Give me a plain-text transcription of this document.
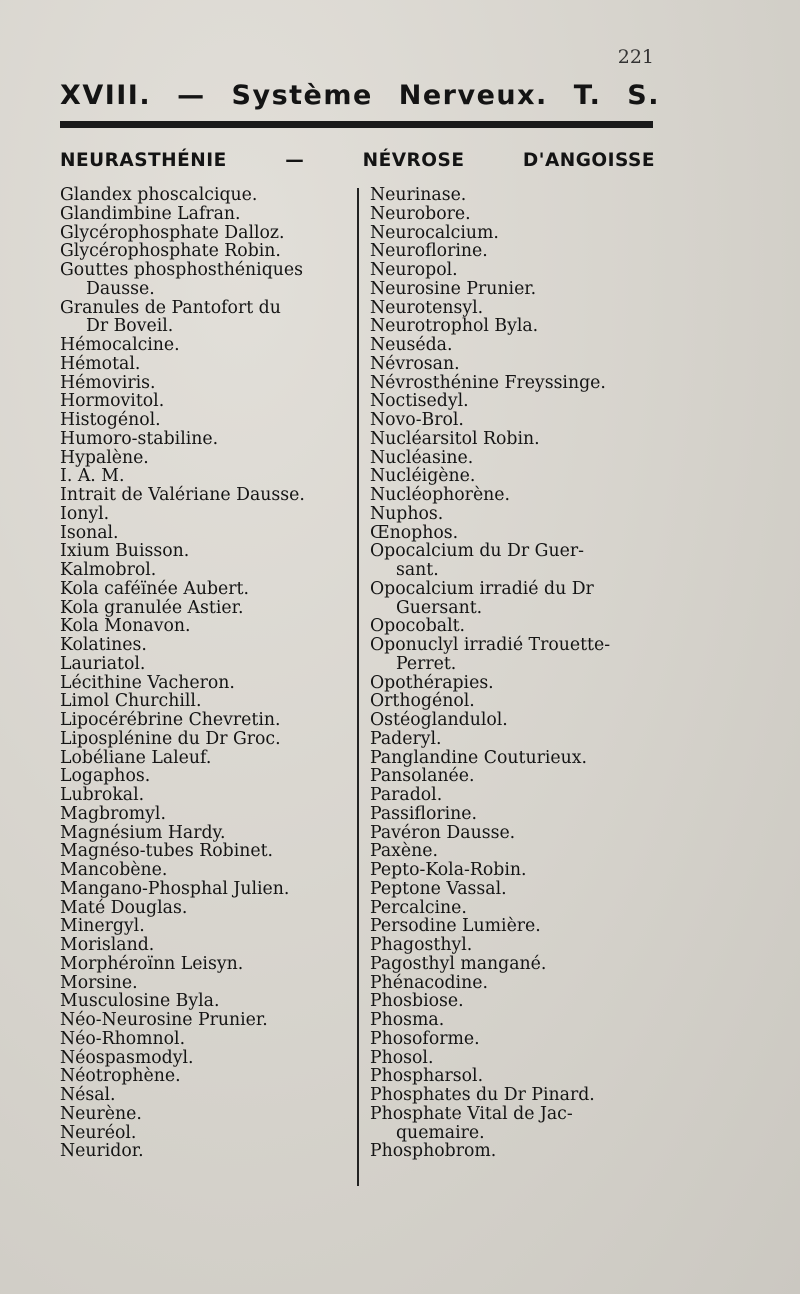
221
XVIII. — Système Nerveux. T. S.
NEURASTHÉNIE — NÉVROSE D'ANGOISSE
Glandex phoscalcique.
Glandimbine Lafran.
Glycérophosphate Dalloz.
Glycérophosphate Robin.
Gouttes phosphosthéniques
Dausse.
Granules de Pantofort du
Dr Boveil.
Hémocalcine.
Hémotal.
Hémoviris.
Hormovitol.
Histogénol.
Humoro-stabiline.
Hypalène.
I. A. M.
Intrait de Valériane Dausse.
Ionyl.
Isonal.
Ixium Buisson.
Kalmobrol.
Kola caféïnée Aubert.
Kola granulée Astier.
Kola Monavon.
Kolatines.
Lauriatol.
Lécithine Vacheron.
Limol Churchill.
Lipocérébrine Chevretin.
Liposplénine du Dr Groc.
Lobéliane Laleuf.
Logaphos.
Lubrokal.
Magbromyl.
Magnésium Hardy.
Magnéso-tubes Robinet.
Mancobène.
Mangano-Phosphal Julien.
Maté Douglas.
Minergyl.
Morisland.
Morphéroïnn Leisyn.
Morsine.
Musculosine Byla.
Néo-Neurosine Prunier.
Néo-Rhomnol.
Néospasmodyl.
Néotrophène.
Nésal.
Neurène.
Neuréol.
Neuridor.
Neurinase.
Neurobore.
Neurocalcium.
Neuroflorine.
Neuropol.
Neurosine Prunier.
Neurotensyl.
Neurotrophol Byla.
Neuséda.
Névrosan.
Névrosthénine Freyssinge.
Noctisedyl.
Novo-Brol.
Nucléarsitol Robin.
Nucléasine.
Nucléigène.
Nucléophorène.
Nuphos.
Œnophos.
Opocalcium du Dr Guer-
sant.
Opocalcium irradié du Dr
Guersant.
Opocobalt.
Oponuclyl irradié Trouette-
Perret.
Opothérapies.
Orthogénol.
Ostéoglandulol.
Paderyl.
Panglandine Couturieux.
Pansolanée.
Paradol.
Passiflorine.
Pavéron Dausse.
Paxène.
Pepto-Kola-Robin.
Peptone Vassal.
Percalcine.
Persodine Lumière.
Phagosthyl.
Pagosthyl mangané.
Phénacodine.
Phosbiose.
Phosma.
Phosoforme.
Phosol.
Phospharsol.
Phosphates du Dr Pinard.
Phosphate Vital de Jac-
quemaire.
Phosphobrom.
